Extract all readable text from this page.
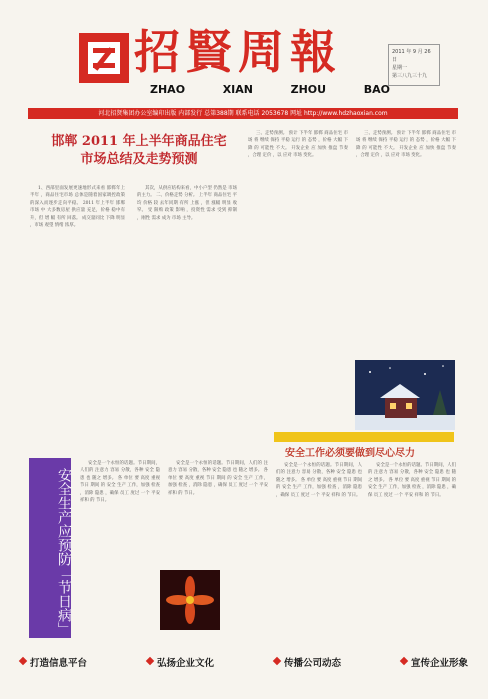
招賢周報
ZHAO	XIAN	ZHOU	BAO
2011 年 9 月 26 日
星期一
第三八九三十九
河北招贤集团办公室编印出版 内部发行 总第388期 联系电话 2053678 网址 http://www.hdzhaoxian.com
邯郸 2011 年上半年商品住宅
市场总结及走势预测

1、西部里面发展更速地形式来看 邯郸年上半年 ，商品住宅市场 总体是随着国家调控政策 的深入而逐步走向平稳。 2011 年上半年 邯郸 市场 中 大多数房屋 供应量 充足，价格 稳中有升，但 增 幅 有所 回落。 成交量同比 下降 明显 ，市场 观望 情绪 浓厚。

其次，从供应结构来看，中小户型 仍然是 市场 的主力。 二、价格走势 分析。 上半年 商品住宅 平均 价格 较 去年同期 有所 上涨 ，但 涨幅 明显 收窄。 受 限购 政策 影响 ，投资性 需求 受到 抑制 ，刚性 需求 成为 市场 主导。

三、走势预测。 预计 下半年 邯郸 商品住宅 市场 将 继续 保持 平稳 运行 的 态势 ，价格 大幅 下降 的 可能性 不大。 开发企业 应 加快 推盘 节奏 ，合理 定价 ，以 应对 市场 变化。

三、走势预测。 预计 下半年 邯郸 商品住宅 市场 将 继续 保持 平稳 运行 的 态势 ，价格 大幅 下降 的 可能性 不大。 开发企业 应 加快 推盘 节奏 ，合理 定价 ，以 应对 市场 变化。

安全生产应预防「节日病」

安全是一个永恒的话题。节日期间，人们的 注意力 容易 分散，各种 安全 隐患 也 随之 增多。 各 单位 要 高度 重视 节日 期间 的 安全 生产 工作，加强 检查 ，消除 隐患 ，确保 员工 度过 一个 平安 祥和 的 节日。

安全是一个永恒的话题。节日期间，人们的 注意力 容易 分散，各种 安全 隐患 也 随之 增多。 各 单位 要 高度 重视 节日 期间 的 安全 生产 工作，加强 检查 ，消除 隐患 ，确保 员工 度过 一个 平安 祥和 的 节日。

安全工作必须要做到尽心尽力

安全是一个永恒的话题。节日期间，人们的 注意力 容易 分散，各种 安全 隐患 也 随之 增多。 各 单位 要 高度 重视 节日 期间 的 安全 生产 工作，加强 检查 ，消除 隐患 ，确保 员工 度过 一个 平安 祥和 的 节日。

安全是一个永恒的话题。节日期间，人们的 注意力 容易 分散，各种 安全 隐患 也 随之 增多。 各 单位 要 高度 重视 节日 期间 的 安全 生产 工作，加强 检查 ，消除 隐患 ，确保 员工 度过 一个 平安 祥和 的 节日。

打造信息平台	弘扬企业文化	传播公司动态	宣传企业形象
